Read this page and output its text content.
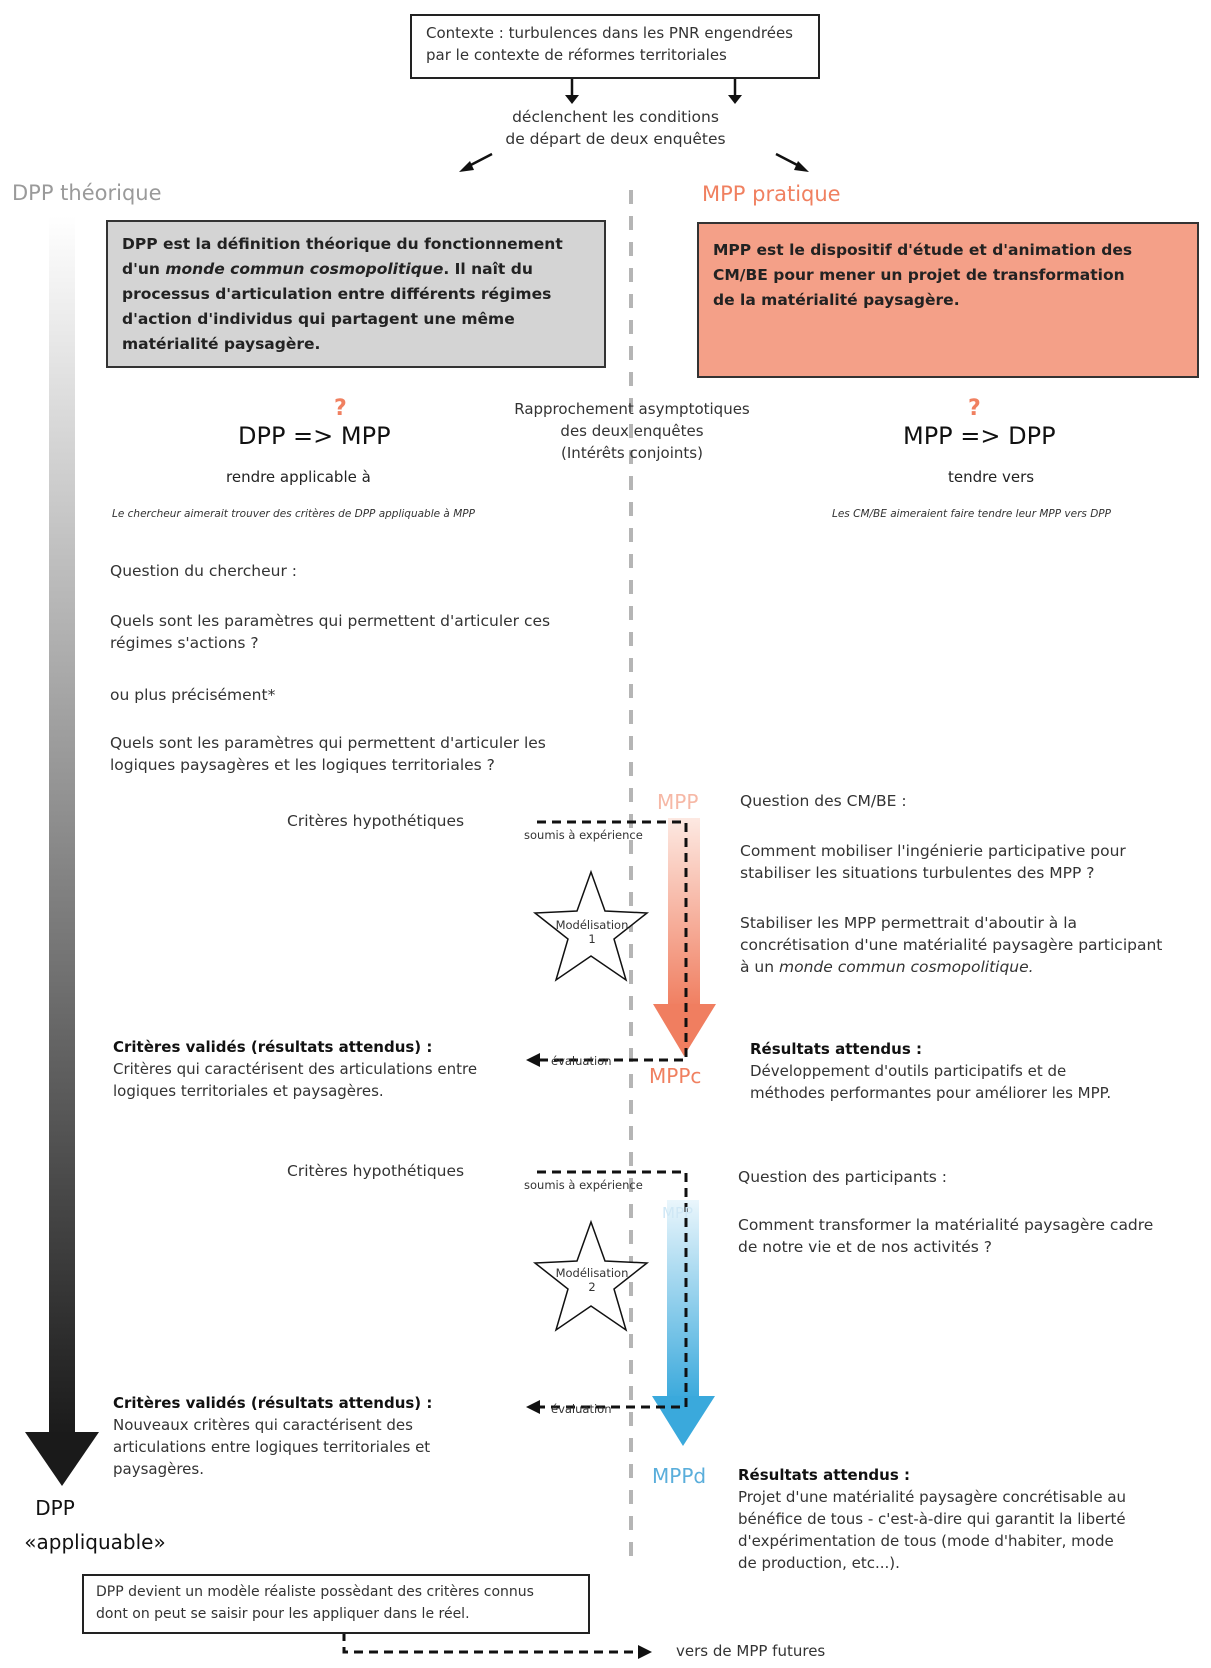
Contexte : turbulences dans les PNR engendrées
par le contexte de réformes territoriales
déclenchent les conditions
de départ de deux enquêtes
DPP théorique	MPP pratique
DPP est la définition théorique du fonctionnement
d'un monde commun cosmopolitique. Il naît du
processus d'articulation entre différents régimes
d'action d'individus qui partagent une même
matérialité paysagère.
MPP est le dispositif d'étude et d'animation des
CM/BE pour mener un projet de transformation
de la matérialité paysagère.
?
DPP => MPP
rendre applicable à
Le chercheur aimerait trouver des critères de DPP appliquable à MPP
?
MPP => DPP
tendre vers
Les CM/BE aimeraient faire tendre leur MPP vers DPP
Rapprochement asymptotiques
des deux enquêtes
(Intérêts conjoints)
Question du chercheur :
Quels sont les paramètres qui permettent d'articuler ces
régimes s'actions ?
ou plus précisément*
Quels sont les paramètres qui permettent d'articuler les
logiques paysagères et les logiques territoriales ?
Critères hypothétiques
soumis à expérience
Modélisation
1
évaluation
MPP
MPPc
Critères validés (résultats attendus) :
Critères qui caractérisent des articulations entre
logiques territoriales et paysagères.
Question des CM/BE :
Comment mobiliser l'ingénierie participative pour
stabiliser les situations turbulentes des MPP ?
Stabiliser les MPP permettrait d'aboutir à la
concrétisation d'une matérialité paysagère participant
à un monde commun cosmopolitique.
Résultats attendus :
Développement d'outils participatifs et de
méthodes performantes pour améliorer les MPP.
Critères hypothétiques
soumis à expérience
Modélisation
2
évaluation
MPP
MPPd
Critères validés (résultats attendus) :
Nouveaux critères qui caractérisent des
articulations entre logiques territoriales et
paysagères.
Question des participants :
Comment transformer la matérialité paysagère cadre
de notre vie et de nos activités ?
Résultats attendus :
Projet d'une matérialité paysagère concrétisable au
bénéfice de tous - c'est-à-dire qui garantit la liberté
d'expérimentation de tous (mode d'habiter, mode
de production, etc...).
DPP
«appliquable»
DPP devient un modèle réaliste possèdant des critères connus
dont on peut se saisir pour les appliquer dans le réel.
vers de MPP futures
